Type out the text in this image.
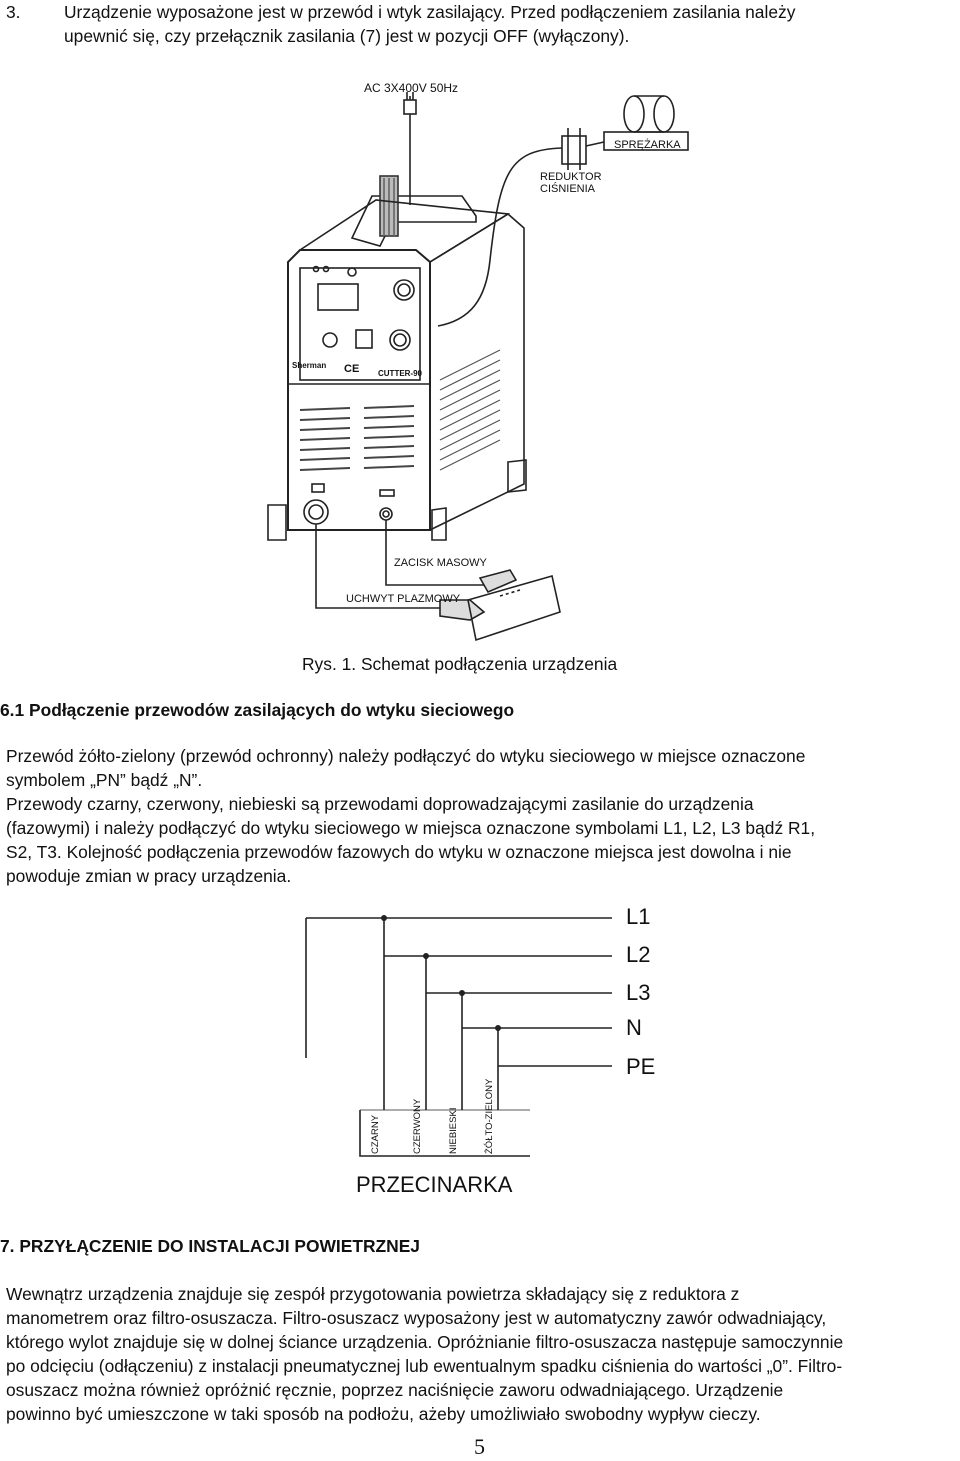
3. Urządzenie wyposażone jest w przewód i wtyk zasilający. Przed podłączeniem zasilania należy
upewnić się, czy przełącznik zasilania (7) jest w pozycji OFF (wyłączony).
AC 3X400V 50Hz
SPRĘŻARKA
REDUKTOR
CIŚNIENIA
Sherman CE CUTTER-90
ZACISK MASOWY
UCHWYT PLAZMOWY
Rys. 1. Schemat podłączenia urządzenia
6.1 Podłączenie przewodów zasilających do wtyku sieciowego
Przewód żółto-zielony (przewód ochronny) należy podłączyć do wtyku sieciowego w miejsce oznaczone
symbolem „PN” bądź „N”.
Przewody czarny, czerwony, niebieski są przewodami doprowadzającymi zasilanie do urządzenia
(fazowymi) i należy podłączyć do wtyku sieciowego w miejsca oznaczone symbolami L1, L2, L3 bądź R1,
S2, T3. Kolejność podłączenia przewodów fazowych do wtyku w oznaczone miejsca jest dowolna i nie
powoduje zmian w pracy urządzenia.
L1
L2
L3
N
PE
CZARNY	CZERWONY	NIEBIESKI	ŻÓŁTO-ZIELONY
PRZECINARKA
7. PRZYŁĄCZENIE DO INSTALACJI POWIETRZNEJ
Wewnątrz urządzenia znajduje się zespół przygotowania powietrza składający się z reduktora z
manometrem oraz filtro-osuszacza. Filtro-osuszacz wyposażony jest w automatyczny zawór odwadniający,
którego wylot znajduje się w dolnej ściance urządzenia. Opróżnianie filtro-osuszacza następuje samoczynnie
po odcięciu (odłączeniu) z instalacji pneumatycznej lub ewentualnym spadku ciśnienia do wartości „0”. Filtro-
osuszacz można również opróżnić ręcznie, poprzez naciśnięcie zaworu odwadniającego. Urządzenie
powinno być umieszczone w taki sposób na podłożu, ażeby umożliwiało swobodny wypływ cieczy.
5
